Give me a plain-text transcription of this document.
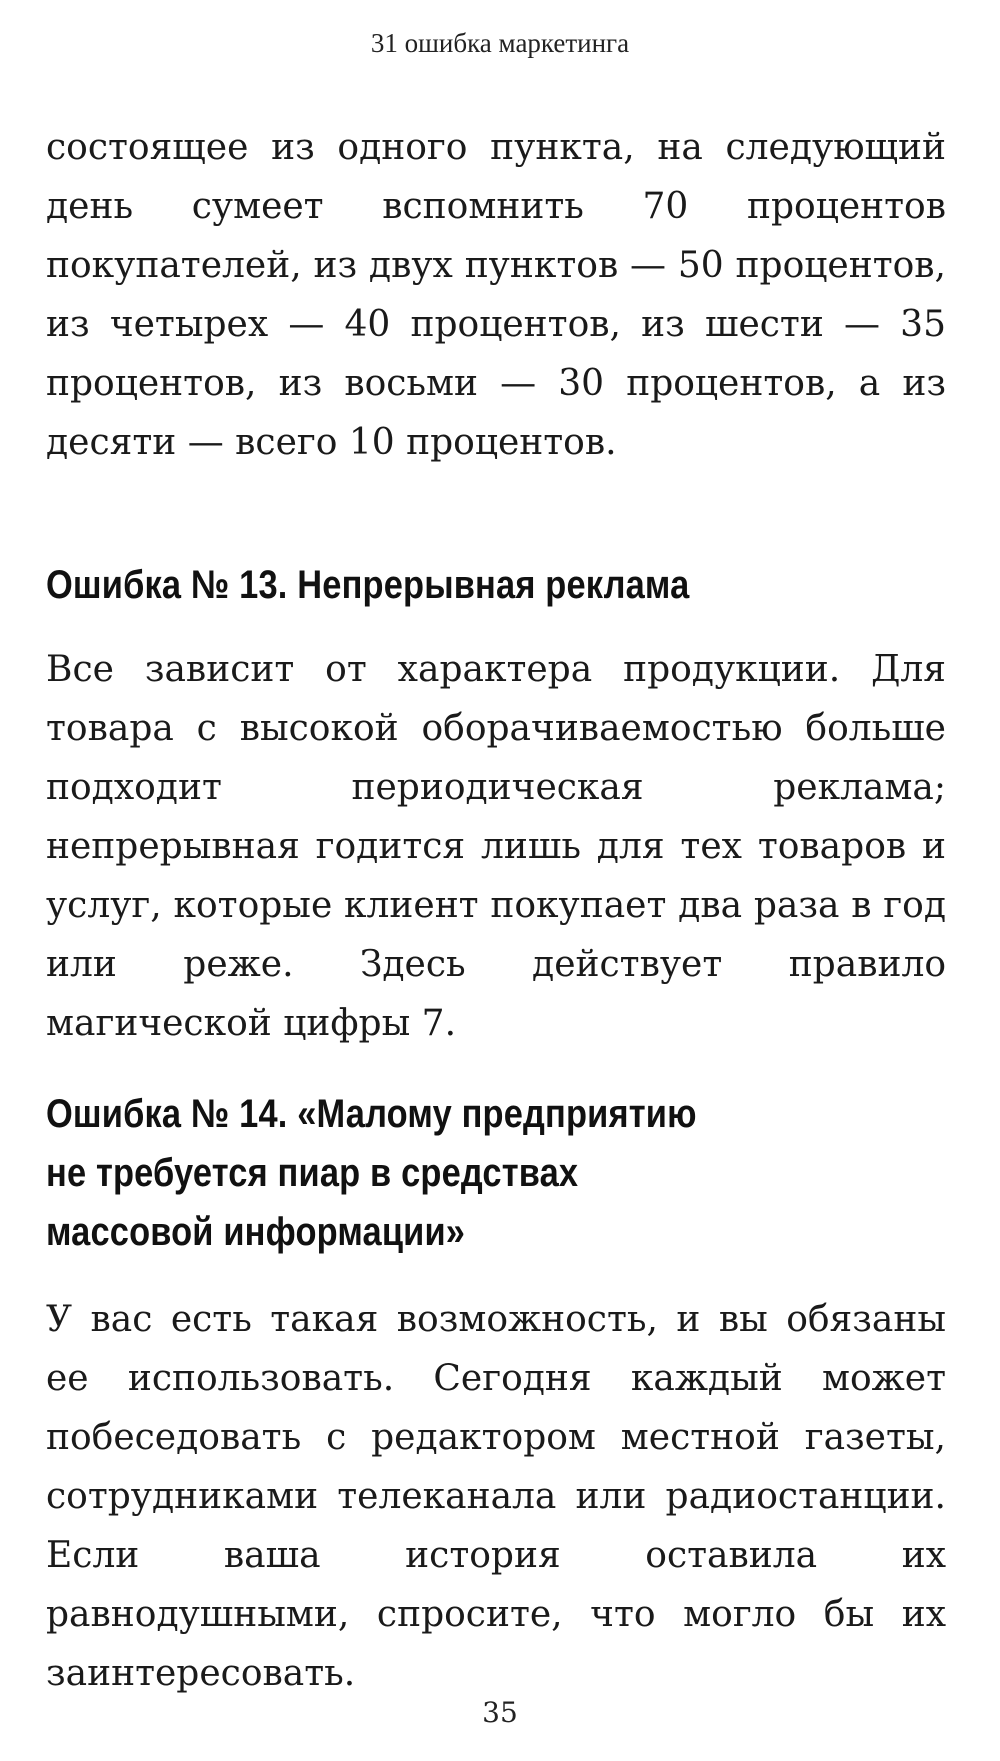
31 ошибка маркетинга

состоящее из одного пункта, на следующий день сумеет вспомнить 70 процентов покупателей, из двух пунктов — 50 процентов, из четырех — 40 процентов, из шести — 35 процентов, из восьми — 30 процентов, а из десяти — всего 10 процентов.

Ошибка № 13. Непрерывная реклама

Все зависит от характера продукции. Для товара с высокой оборачиваемостью больше подходит периодическая реклама; непрерывная годится лишь для тех товаров и услуг, которые клиент покупает два раза в год или реже. Здесь действует правило магической цифры 7.

Ошибка № 14. «Малому предприятию
не требуется пиар в средствах
массовой информации»

У вас есть такая возможность, и вы обязаны ее использовать. Сегодня каждый может побеседовать с редактором местной газеты, сотрудниками телеканала или радиостанции. Если ваша история оставила их равнодушными, спросите, что могло бы их заинтересовать.

35
